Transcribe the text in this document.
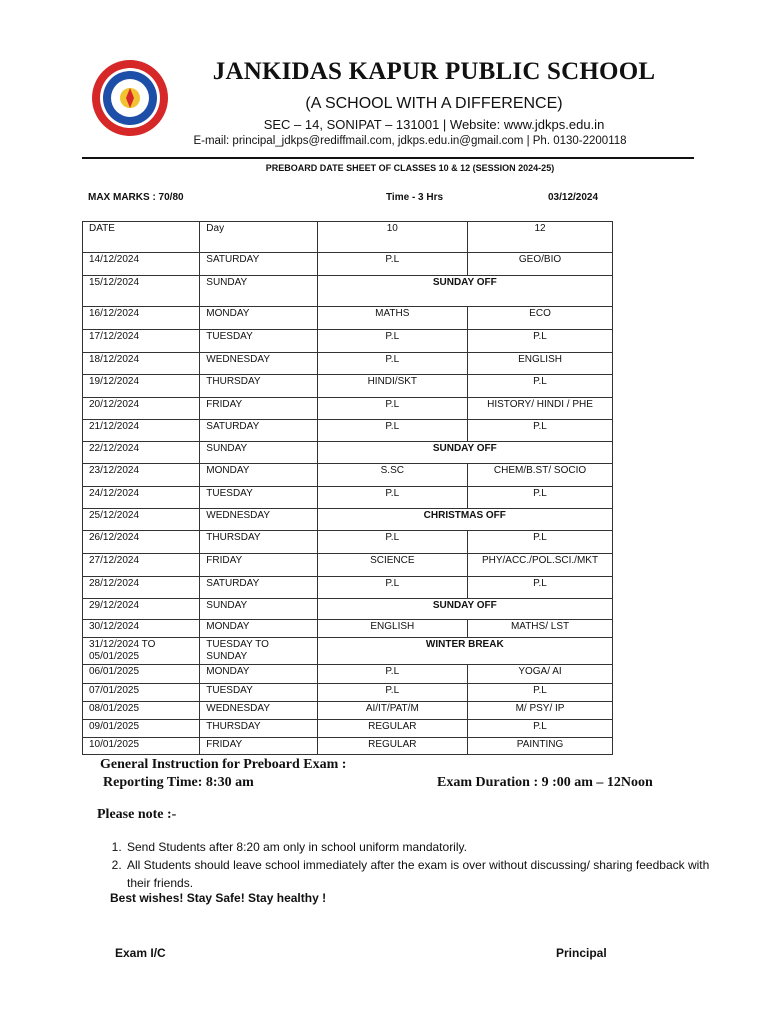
JANKIDAS KAPUR PUBLIC SCHOOL
(A SCHOOL WITH A DIFFERENCE)
SEC – 14, SONIPAT – 131001 | Website: www.jdkps.edu.in
E-mail: principal_jdkps@rediffmail.com, jdkps.edu.in@gmail.com | Ph. 0130-2200118
PREBOARD DATE SHEET OF CLASSES 10 & 12 (SESSION 2024-25)
MAX MARKS : 70/80	Time - 3 Hrs	03/12/2024
DATE	Day	10	12
14/12/2024	SATURDAY	P.L	GEO/BIO
15/12/2024	SUNDAY	SUNDAY OFF	
16/12/2024	MONDAY	MATHS	ECO
17/12/2024	TUESDAY	P.L	P.L
18/12/2024	WEDNESDAY	P.L	ENGLISH
19/12/2024	THURSDAY	HINDI/SKT	P.L
20/12/2024	FRIDAY	P.L	HISTORY/ HINDI / PHE
21/12/2024	SATURDAY	P.L	P.L
22/12/2024	SUNDAY	SUNDAY OFF	
23/12/2024	MONDAY	S.SC	CHEM/B.ST/ SOCIO
24/12/2024	TUESDAY	P.L	P.L
25/12/2024	WEDNESDAY	CHRISTMAS OFF	
26/12/2024	THURSDAY	P.L	P.L
27/12/2024	FRIDAY	SCIENCE	PHY/ACC./POL.SCI./MKT
28/12/2024	SATURDAY	P.L	P.L
29/12/2024	SUNDAY	SUNDAY OFF	
30/12/2024	MONDAY	ENGLISH	MATHS/ LST
31/12/2024 TO 05/01/2025	TUESDAY TO SUNDAY	WINTER BREAK	
06/01/2025	MONDAY	P.L	YOGA/ AI
07/01/2025	TUESDAY	P.L	P.L
08/01/2025	WEDNESDAY	AI/IT/PAT/M	M/ PSY/ IP
09/01/2025	THURSDAY	REGULAR	P.L
10/01/2025	FRIDAY	REGULAR	PAINTING
General Instruction for Preboard Exam :
Reporting Time: 8:30 am	Exam Duration : 9 :00 am – 12Noon
Please note :-
1. Send Students after 8:20 am only in school uniform mandatorily.
2. All Students should leave school immediately after the exam is over without discussing/ sharing feedback with their friends.
Best wishes! Stay Safe! Stay healthy !
Exam I/C	Principal
